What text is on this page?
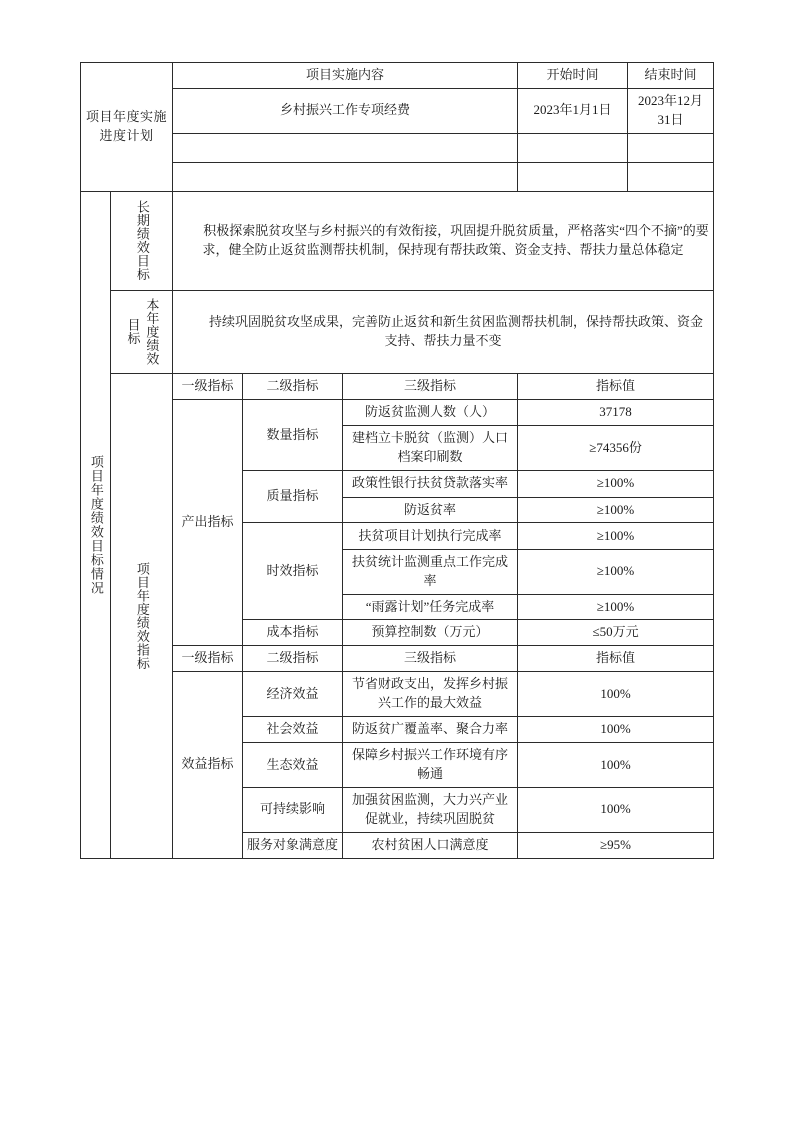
项目年度实施进度计划		项目实施内容			开始时间	结束时间
		乡村振兴工作专项经费			2023年1月1日	2023年12月31日

项目年度绩效目标情况	长期绩效目标	积极探索脱贫攻坚与乡村振兴的有效衔接，巩固提升脱贫质量，严格落实“四个不摘”的要求，健全防止返贫监测帮扶机制，保持现有帮扶政策、资金支持、帮扶力量总体稳定				

	本年度绩效目标	持续巩固脱贫攻坚成果，完善防止返贫和新生贫困监测帮扶机制，保持帮扶政策、资金支持、帮扶力量不变				

	项目年度绩效指标	一级指标	二级指标	三级指标	指标值	
		产出指标	数量指标	防返贫监测人数（人）	37178	
				建档立卡脱贫（监测）人口档案印刷数	≥74356份	
			质量指标	政策性银行扶贫贷款落实率	≥100%	
				防返贫率	≥100%	
			时效指标	扶贫项目计划执行完成率	≥100%	
				扶贫统计监测重点工作完成率	≥100%	
				“雨露计划”任务完成率	≥100%	
			成本指标	预算控制数（万元）	≤50万元	
		一级指标	二级指标	三级指标	指标值	
		效益指标	经济效益	节省财政支出，发挥乡村振兴工作的最大效益	100%	
			社会效益	防返贫广覆盖率、聚合力率	100%	
			生态效益	保障乡村振兴工作环境有序畅通	100%	
			可持续影响	加强贫困监测，大力兴产业促就业，持续巩固脱贫	100%	
			服务对象满意度	农村贫困人口满意度	≥95%	
